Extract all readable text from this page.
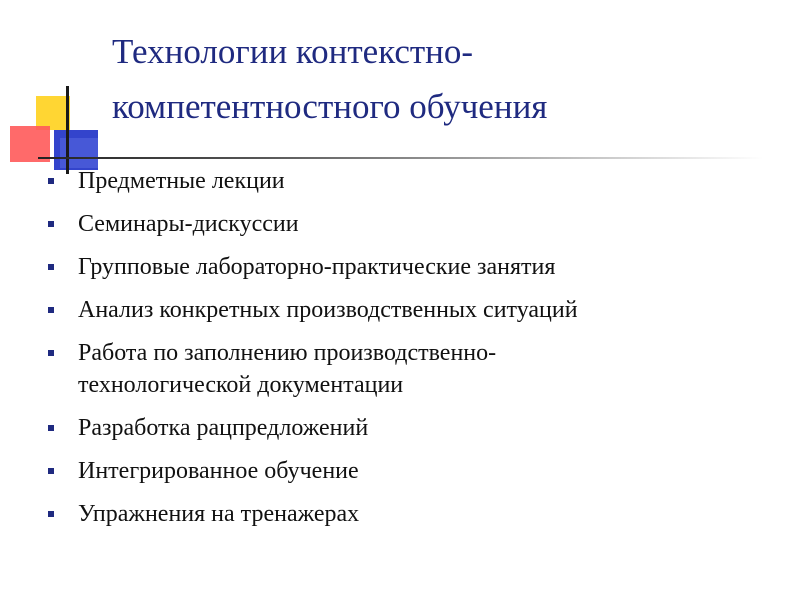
Технологии контекстно-
компетентностного обучения
Предметные лекции
Семинары-дискуссии
Групповые лабораторно-практические занятия
Анализ конкретных производственных ситуаций
Работа по заполнению производственно-
технологической документации
Разработка рацпредложений
Интегрированное обучение
Упражнения на тренажерах
